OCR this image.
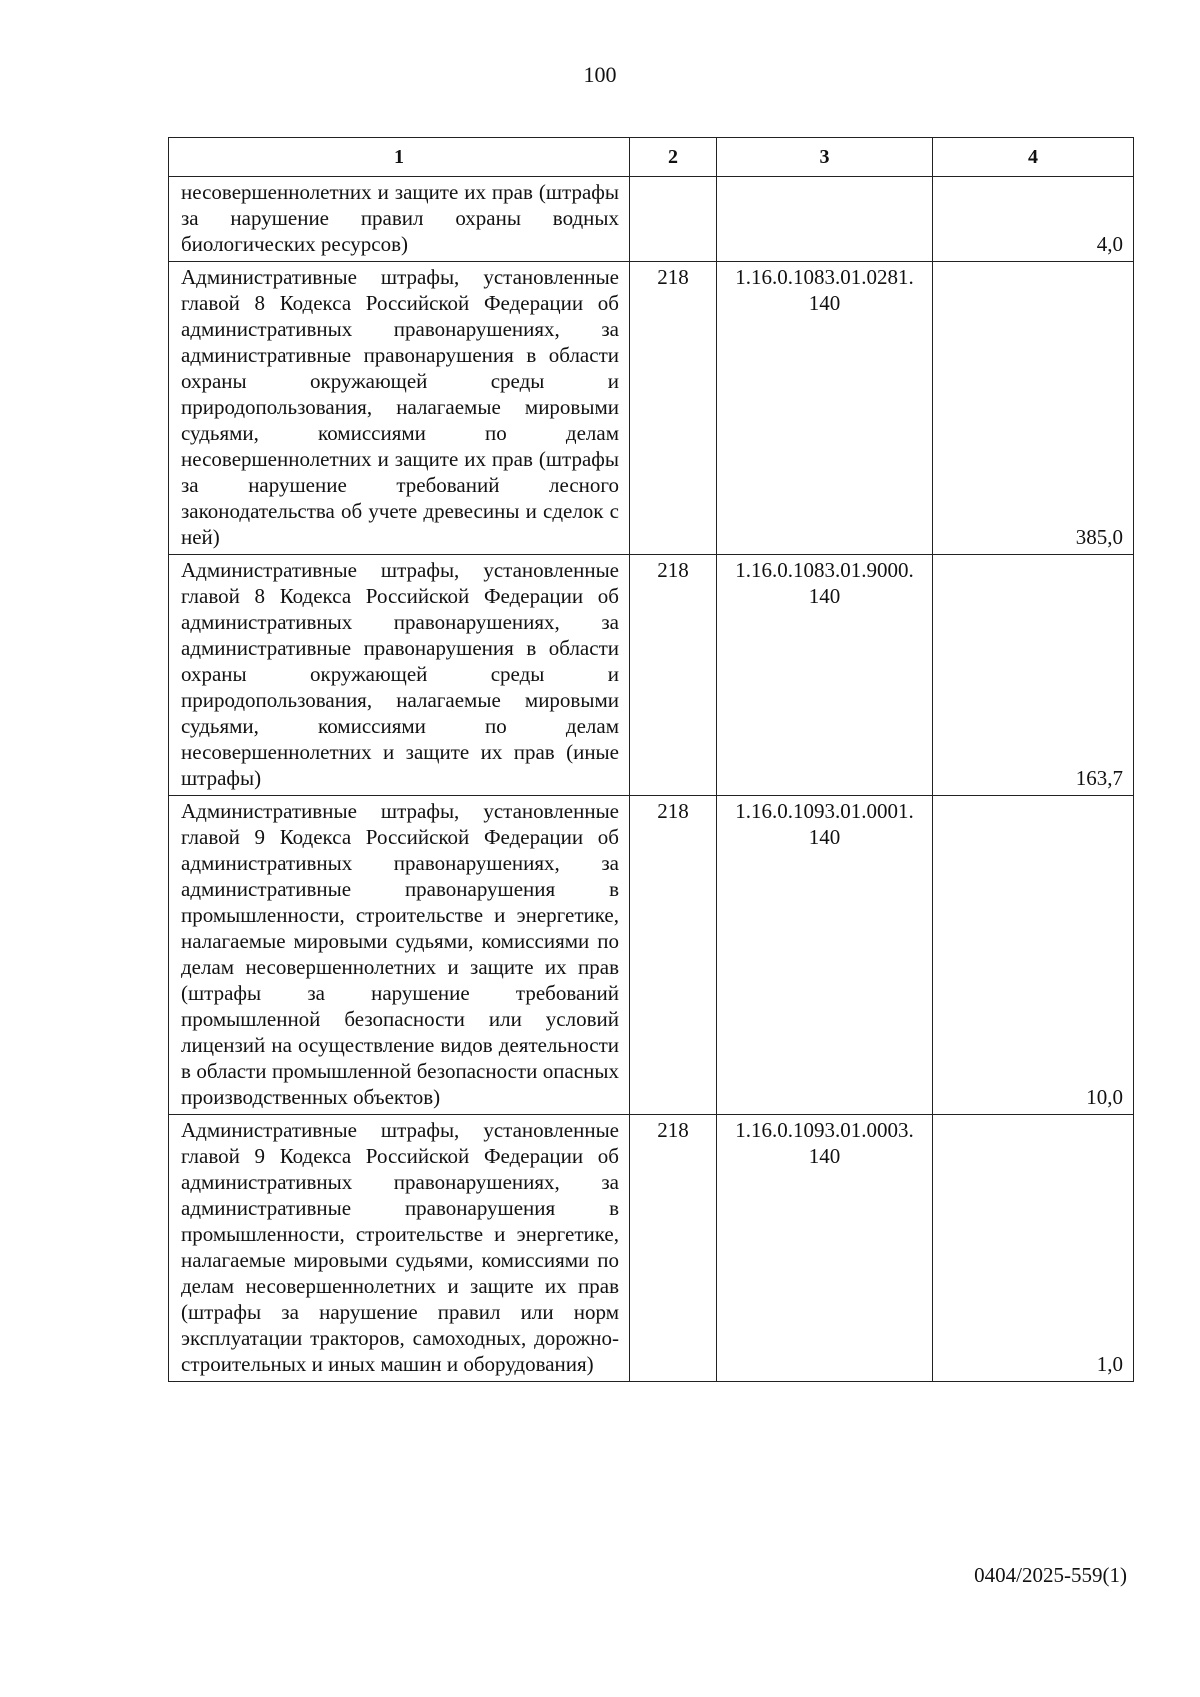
100
1	2	3	4
несовершеннолетних и защите их прав (штрафы за нарушение правил охраны водных биологических ресурсов)			4,0
Административные штрафы, установленные главой 8 Кодекса Российской Федерации об административных правонарушениях, за административные правонарушения в области охраны окружающей среды и природопользования, налагаемые мировыми судьями, комиссиями по делам несовершеннолетних и защите их прав (штрафы за нарушение требований лесного законодательства об учете древесины и сделок с ней)	218	1.16.0.1083.01.0281. 140	385,0
Административные штрафы, установленные главой 8 Кодекса Российской Федерации об административных правонарушениях, за административные правонарушения в области охраны окружающей среды и природопользования, налагаемые мировыми судьями, комиссиями по делам несовершеннолетних и защите их прав (иные штрафы)	218	1.16.0.1083.01.9000. 140	163,7
Административные штрафы, установленные главой 9 Кодекса Российской Федерации об административных правонарушениях, за административные правонарушения в промышленности, строительстве и энергетике, налагаемые мировыми судьями, комиссиями по делам несовершеннолетних и защите их прав (штрафы за нарушение требований промышленной безопасности или условий лицензий на осуществление видов деятельности в области промышленной безопасности опасных производственных объектов)	218	1.16.0.1093.01.0001. 140	10,0
Административные штрафы, установленные главой 9 Кодекса Российской Федерации об административных правонарушениях, за административные правонарушения в промышленности, строительстве и энергетике, налагаемые мировыми судьями, комиссиями по делам несовершеннолетних и защите их прав (штрафы за нарушение правил или норм эксплуатации тракторов, самоходных, дорожно-строительных и иных машин и оборудования)	218	1.16.0.1093.01.0003. 140	1,0
0404/2025-559(1)
